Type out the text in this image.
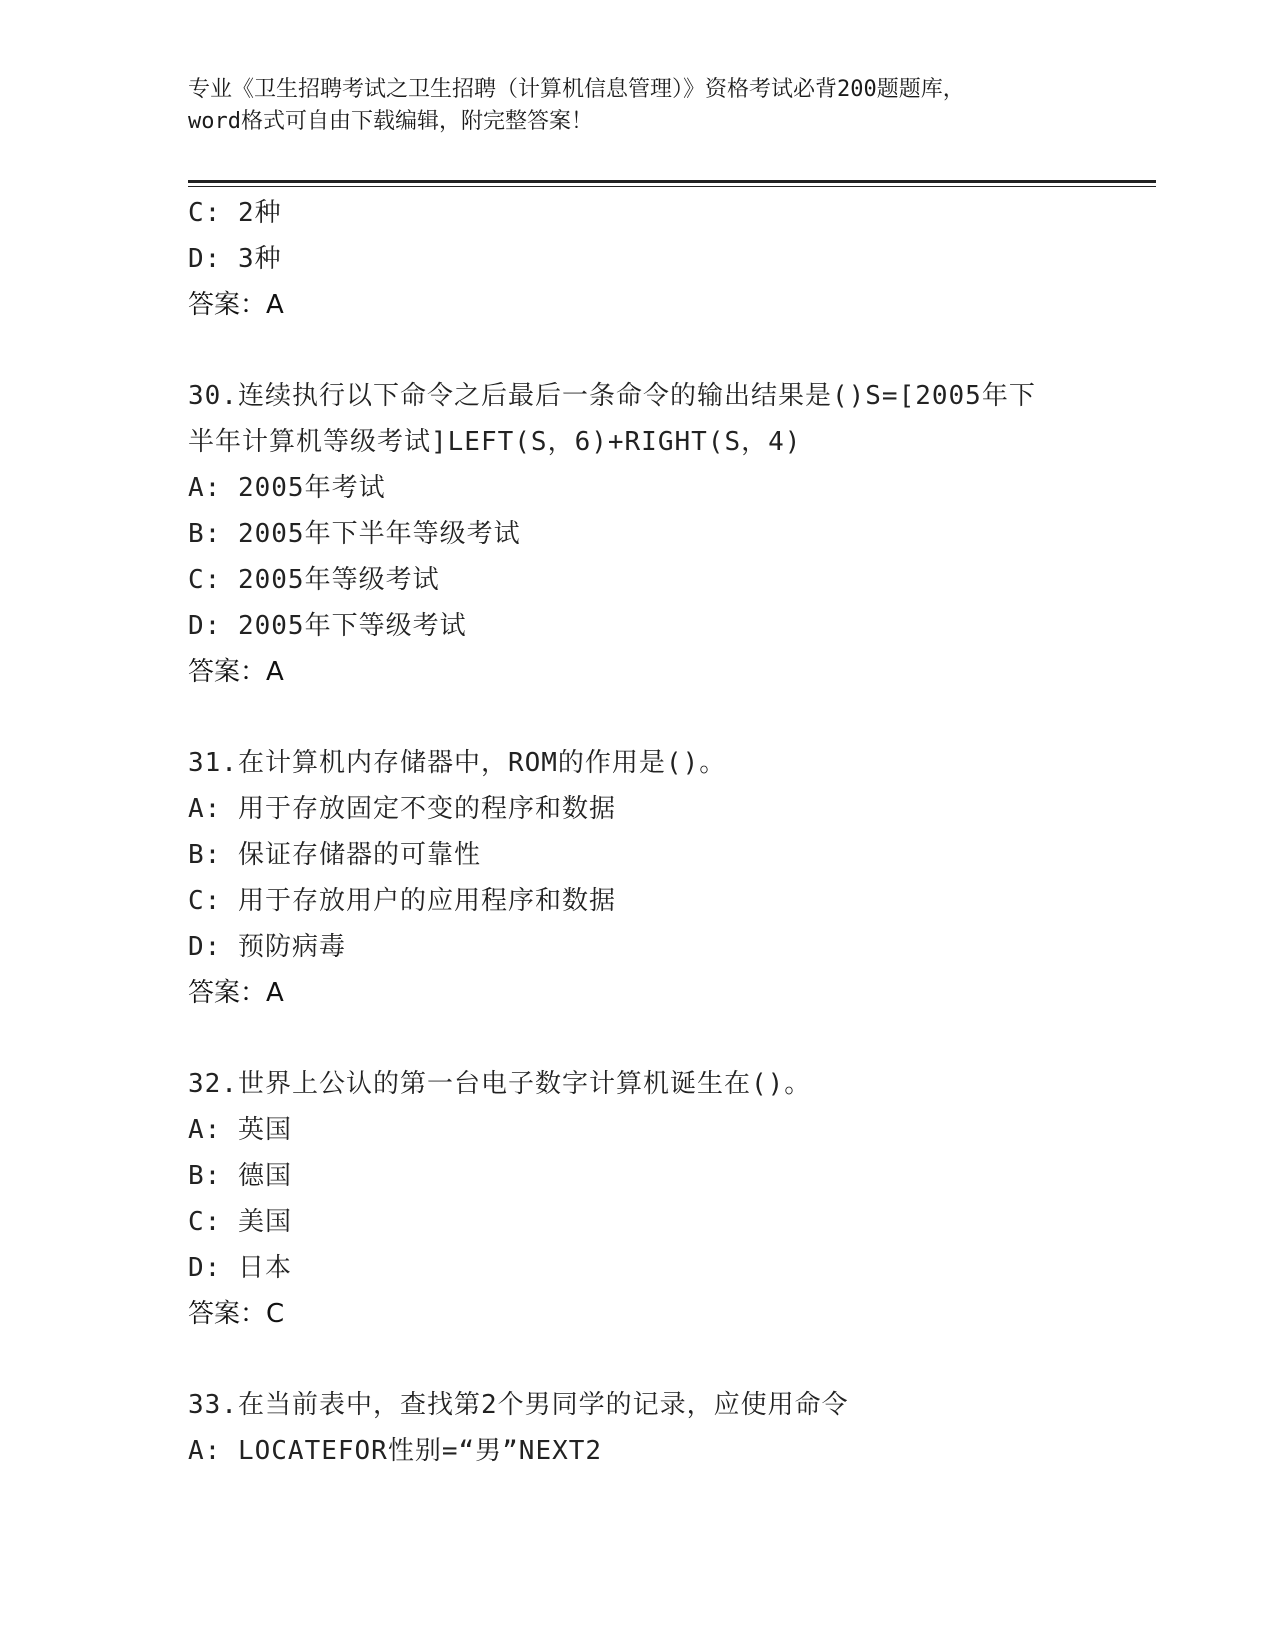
专业《卫生招聘考试之卫生招聘（计算机信息管理）》资格考试必背200题题库，
word格式可自由下载编辑，附完整答案！
C: 2种
D: 3种
答案：A
30.连续执行以下命令之后最后一条命令的输出结果是()S=[2005年下
半年计算机等级考试]LEFT(S，6)+RIGHT(S，4)
A: 2005年考试
B: 2005年下半年等级考试
C: 2005年等级考试
D: 2005年下等级考试
答案：A
31.在计算机内存储器中，ROM的作用是()。
A: 用于存放固定不变的程序和数据
B: 保证存储器的可靠性
C: 用于存放用户的应用程序和数据
D: 预防病毒
答案：A
32.世界上公认的第一台电子数字计算机诞生在()。
A: 英国
B: 德国
C: 美国
D: 日本
答案：C
33.在当前表中，查找第2个男同学的记录，应使用命令
A: LOCATEFOR性别=“男”NEXT2
